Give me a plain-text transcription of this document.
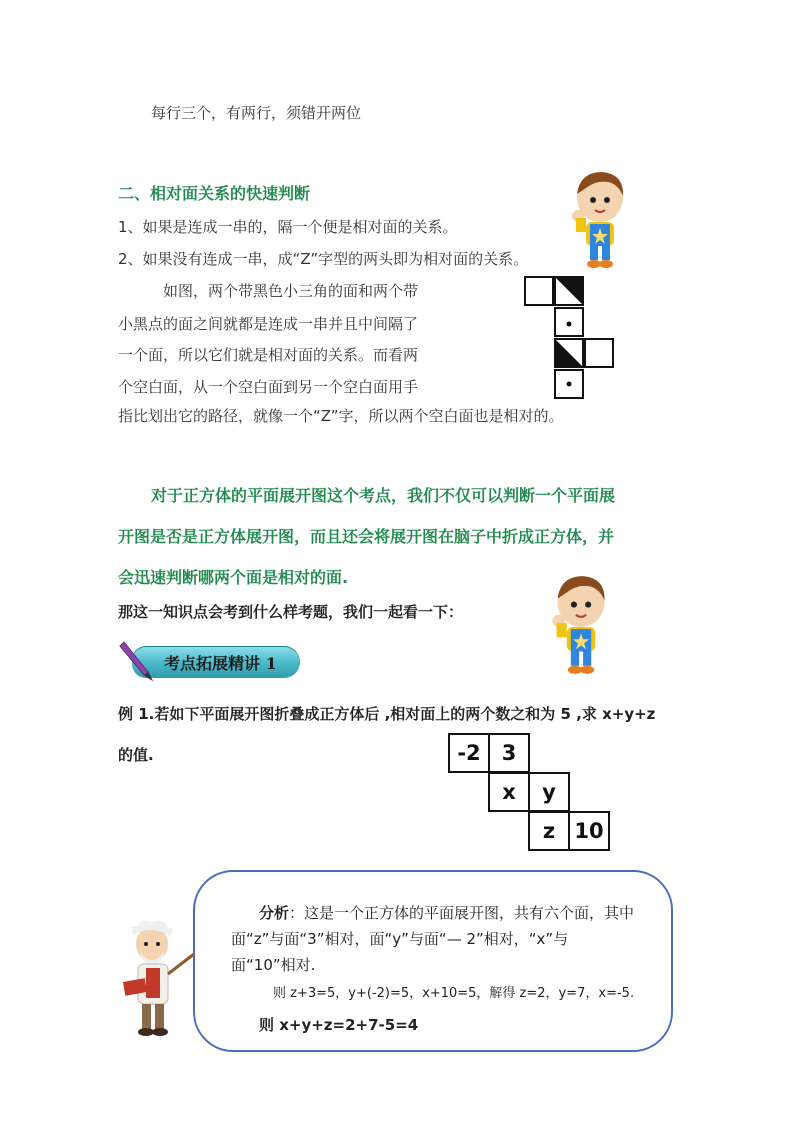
每行三个，有两行，须错开两位
二、相对面关系的快速判断
1、如果是连成一串的，隔一个便是相对面的关系。
2、如果没有连成一串，成“Z”字型的两头即为相对面的关系。
如图，两个带黑色小三角的面和两个带
小黑点的面之间就都是连成一串并且中间隔了
一个面，所以它们就是相对面的关系。而看两
个空白面，从一个空白面到另一个空白面用手
指比划出它的路径，就像一个“Z”字，所以两个空白面也是相对的。
对于正方体的平面展开图这个考点，我们不仅可以判断一个平面展
开图是否是正方体展开图，而且还会将展开图在脑子中折成正方体，并
会迅速判断哪两个面是相对的面.
那这一知识点会考到什么样考题，我们一起看一下：
考点拓展精讲 1
例 1.若如下平面展开图折叠成正方体后 ,相对面上的两个数之和为 5 ,求 x+y+z
的值.	-2	3
x	y
z 10
分析：这是一个正方体的平面展开图，共有六个面，其中
面“z”与面“3”相对，面“y”与面“— 2”相对，“x”与
面“10”相对.
则 z+3=5，y+(-2)=5，x+10=5，解得 z=2，y=7，x=-5.
则 x+y+z=2+7-5=4
